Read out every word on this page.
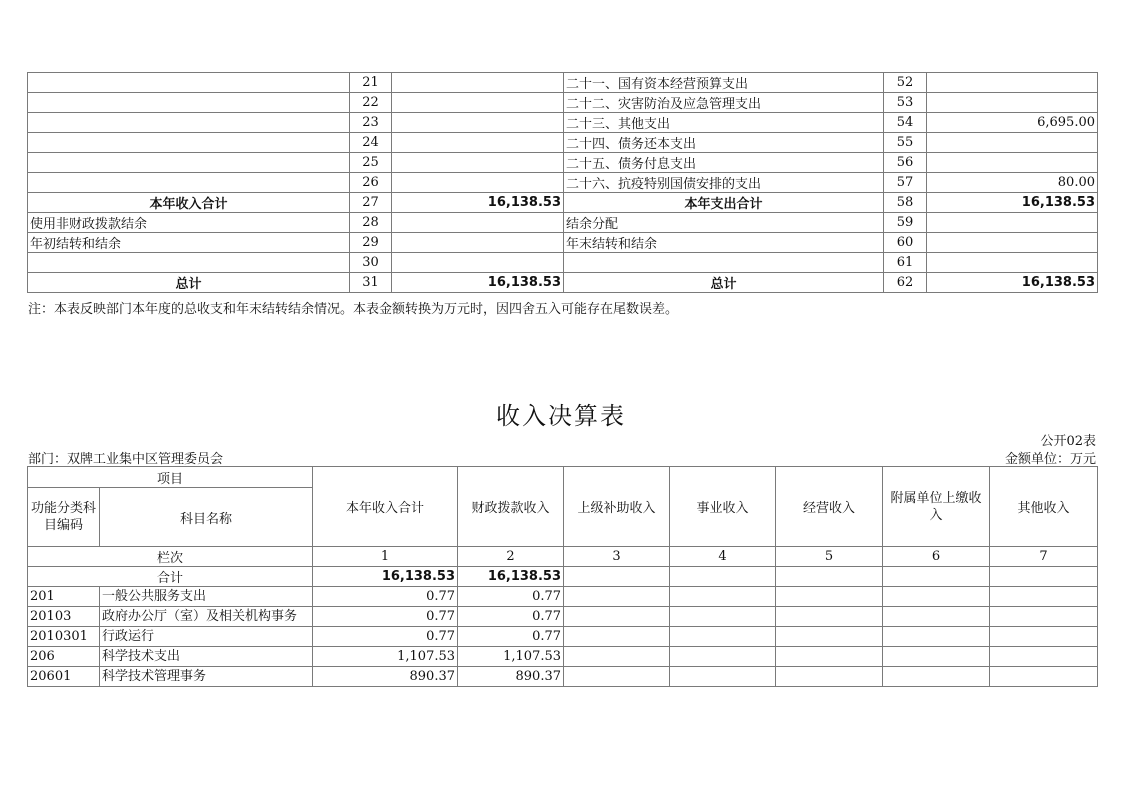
	21		二十一、国有资本经营预算支出	52	
	22		二十二、灾害防治及应急管理支出	53	
	23		二十三、其他支出	54	6,695.00
	24		二十四、债务还本支出	55	
	25		二十五、债务付息支出	56	
	26		二十六、抗疫特别国债安排的支出	57	80.00
本年收入合计	27	16,138.53	本年支出合计	58	16,138.53
使用非财政拨款结余	28		结余分配	59	
年初结转和结余	29		年末结转和结余	60	
	30			61	
总计	31	16,138.53	总计	62	16,138.53
注：本表反映部门本年度的总收支和年末结转结余情况。本表金额转换为万元时，因四舍五入可能存在尾数误差。
收入决算表
公开02表
部门：双牌工业集中区管理委员会	金额单位：万元
项目		本年收入合计	财政拨款收入	上级补助收入	事业收入	经营收入	附属单位上缴收入	其他收入
功能分类科目编码	科目名称							
栏次		1	2	3	4	5	6	7
合计		16,138.53	16,138.53					
201	一般公共服务支出	0.77	0.77					
20103	政府办公厅（室）及相关机构事务	0.77	0.77					
2010301	行政运行	0.77	0.77					
206	科学技术支出	1,107.53	1,107.53					
20601	科学技术管理事务	890.37	890.37					
